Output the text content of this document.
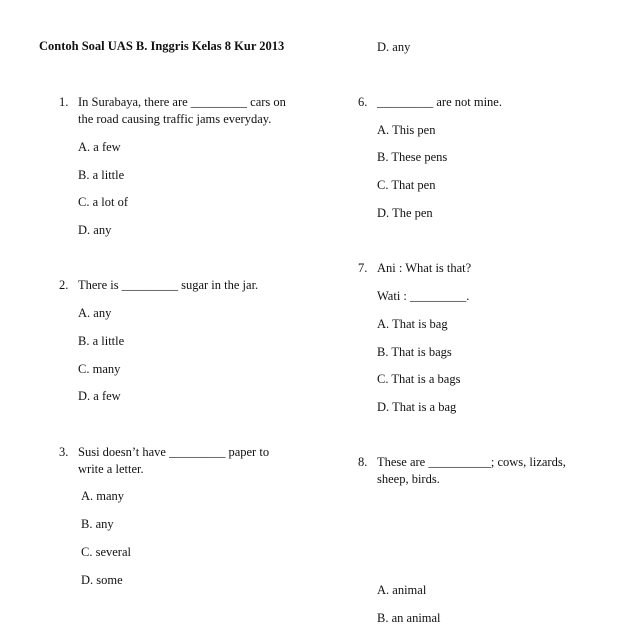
Contoh Soal UAS B. Inggris Kelas 8 Kur 2013
1. In Surabaya, there are _________ cars on
the road causing traffic jams everyday.
A. a few
B. a little
C. a lot of
D. any
2. There is _________ sugar in the jar.
A. any
B. a little
C. many
D. a few
3. Susi doesn’t have _________ paper to
write a letter.
A. many
B. any
C. several
D. some
D. any
6. _________ are not mine.
A. This pen
B. These pens
C. That pen
D. The pen
7. Ani : What is that?
Wati : _________.
A. That is bag
B. That is bags
C. That is a bags
D. That is a bag
8. These are __________; cows, lizards,
sheep, birds.
A. animal
B. an animal
